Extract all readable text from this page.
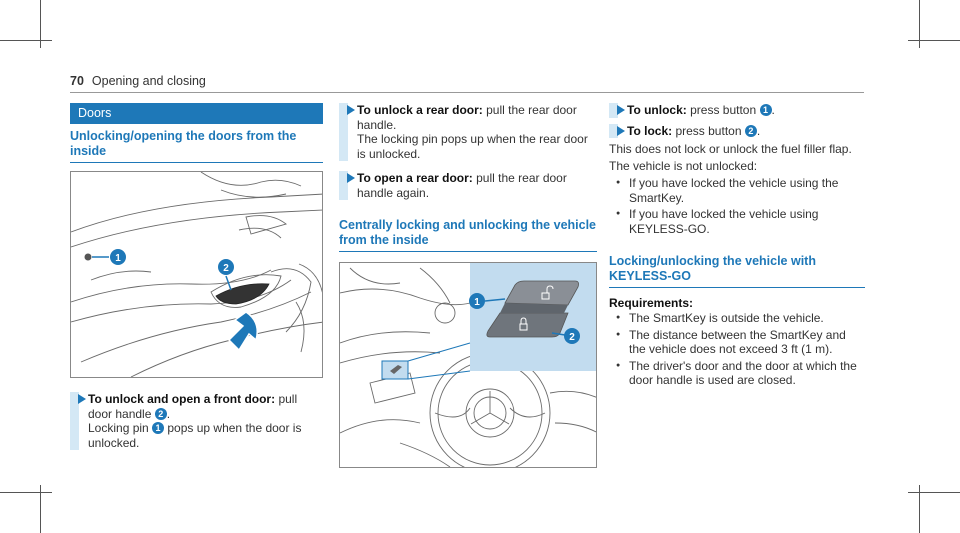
70 Opening and closing
Doors
Unlocking/opening the doors from the inside
1
2
To unlock and open a front door: pull door handle 2 .
Locking pin 1 pops up when the door is unlocked.
To unlock a rear door: pull the rear door handle.
The locking pin pops up when the rear door is unlocked.
To open a rear door: pull the rear door handle again.
Centrally locking and unlocking the vehicle from the inside
1
2
To unlock: press button 1 .
To lock: press button 2 .
This does not lock or unlock the fuel filler flap.
The vehicle is not unlocked:
● If you have locked the vehicle using the SmartKey.
● If you have locked the vehicle using KEYLESS-GO.
Locking/unlocking the vehicle with KEYLESS-GO
Requirements:
● The SmartKey is outside the vehicle.
● The distance between the SmartKey and the vehicle does not exceed 3 ft (1 m).
● The driver's door and the door at which the door handle is used are closed.
